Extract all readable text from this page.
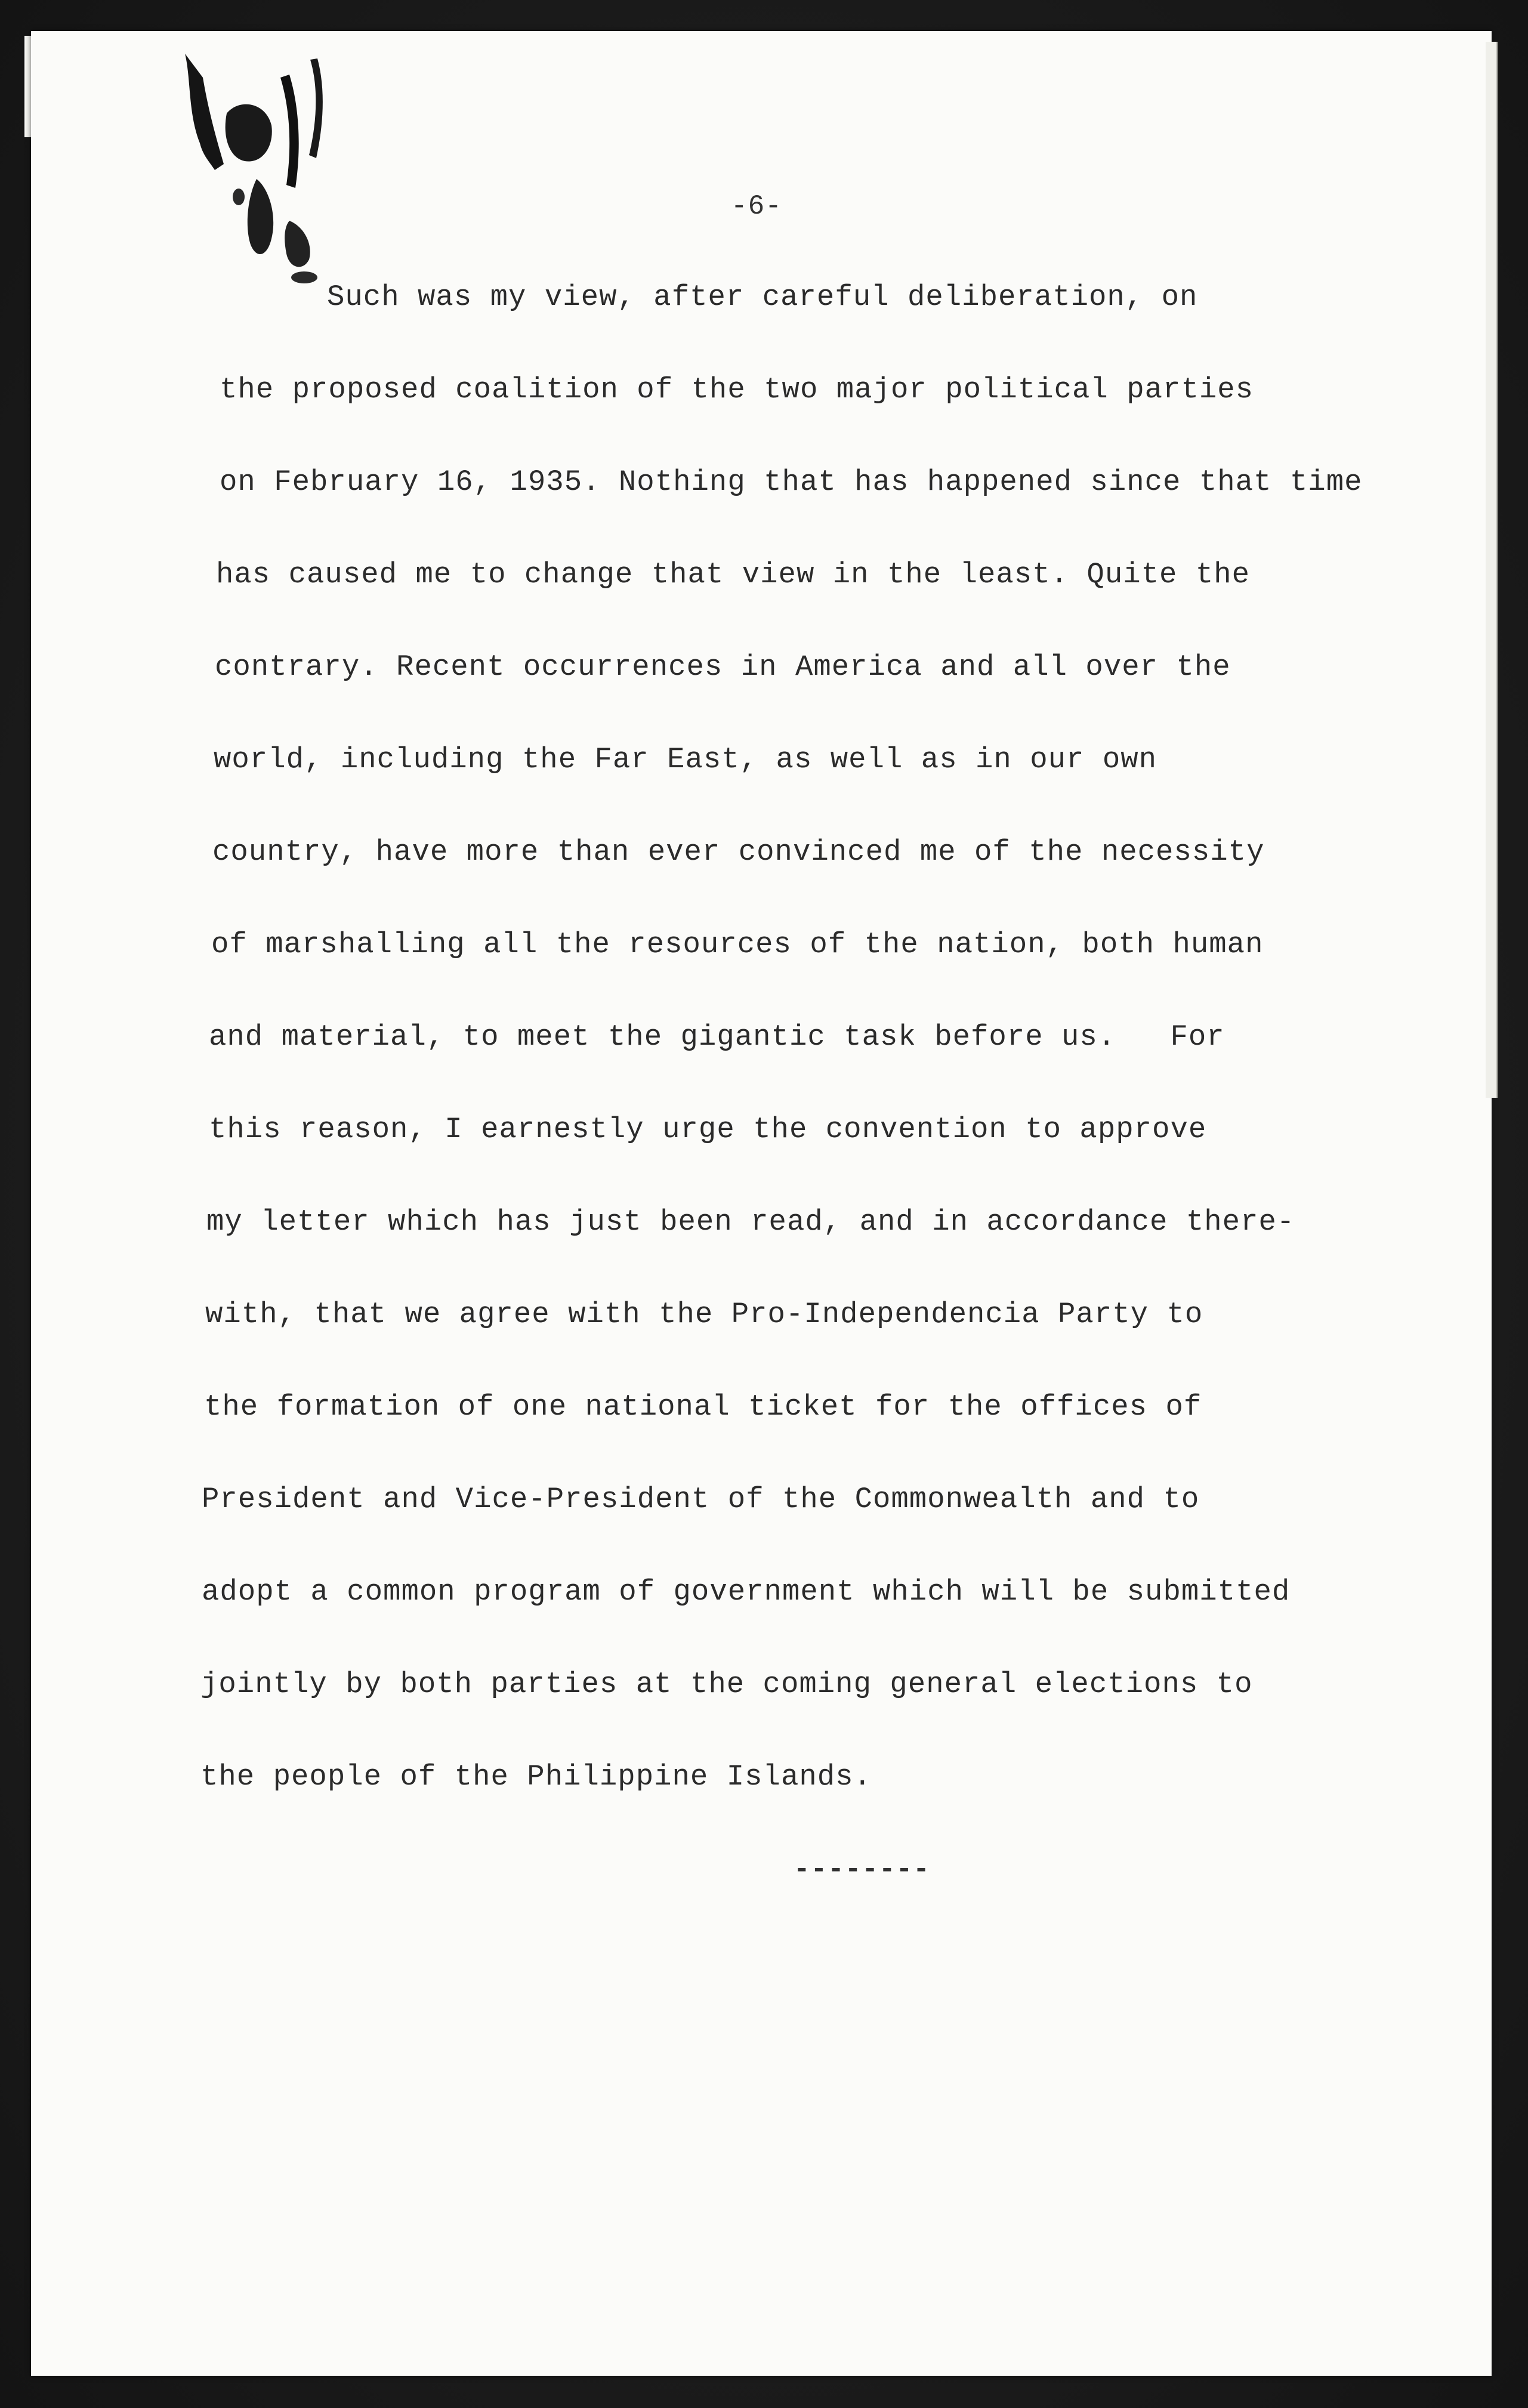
-6-
Such was my view, after careful deliberation, on
the proposed coalition of the two major political parties
on February 16, 1935. Nothing that has happened since that time
has caused me to change that view in the least. Quite the
contrary. Recent occurrences in America and all over the
world, including the Far East, as well as in our own
country, have more than ever convinced me of the necessity
of marshalling all the resources of the nation, both human
and material, to meet the gigantic task before us.   For
this reason, I earnestly urge the convention to approve
my letter which has just been read, and in accordance there-
with, that we agree with the Pro-Independencia Party to
the formation of one national ticket for the offices of
President and Vice-President of the Commonwealth and to
adopt a common program of government which will be submitted
jointly by both parties at the coming general elections to
the people of the Philippine Islands.
--------
